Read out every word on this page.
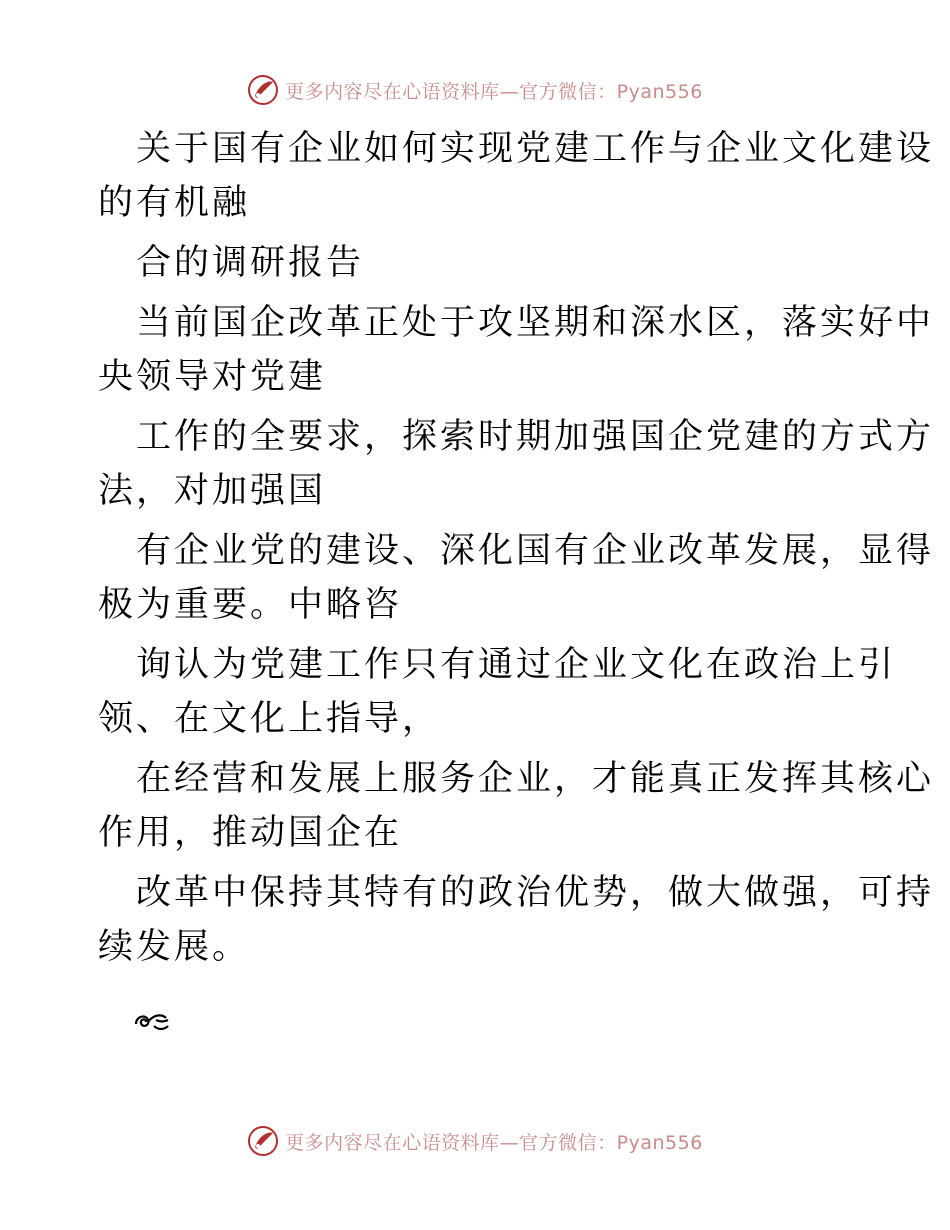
更多内容尽在心语资料库—官方微信：Pyan556
关于国有企业如何实现党建工作与企业文化建设
的有机融
合的调研报告
当前国企改革正处于攻坚期和深水区，落实好中
央领导对党建
工作的全要求，探索时期加强国企党建的方式方
法，对加强国
有企业党的建设、深化国有企业改革发展，显得
极为重要。中略咨
询认为党建工作只有通过企业文化在政治上引
领、在文化上指导，
在经营和发展上服务企业，才能真正发挥其核心
作用，推动国企在
改革中保持其特有的政治优势，做大做强，可持
续发展。
更多内容尽在心语资料库—官方微信：Pyan556
